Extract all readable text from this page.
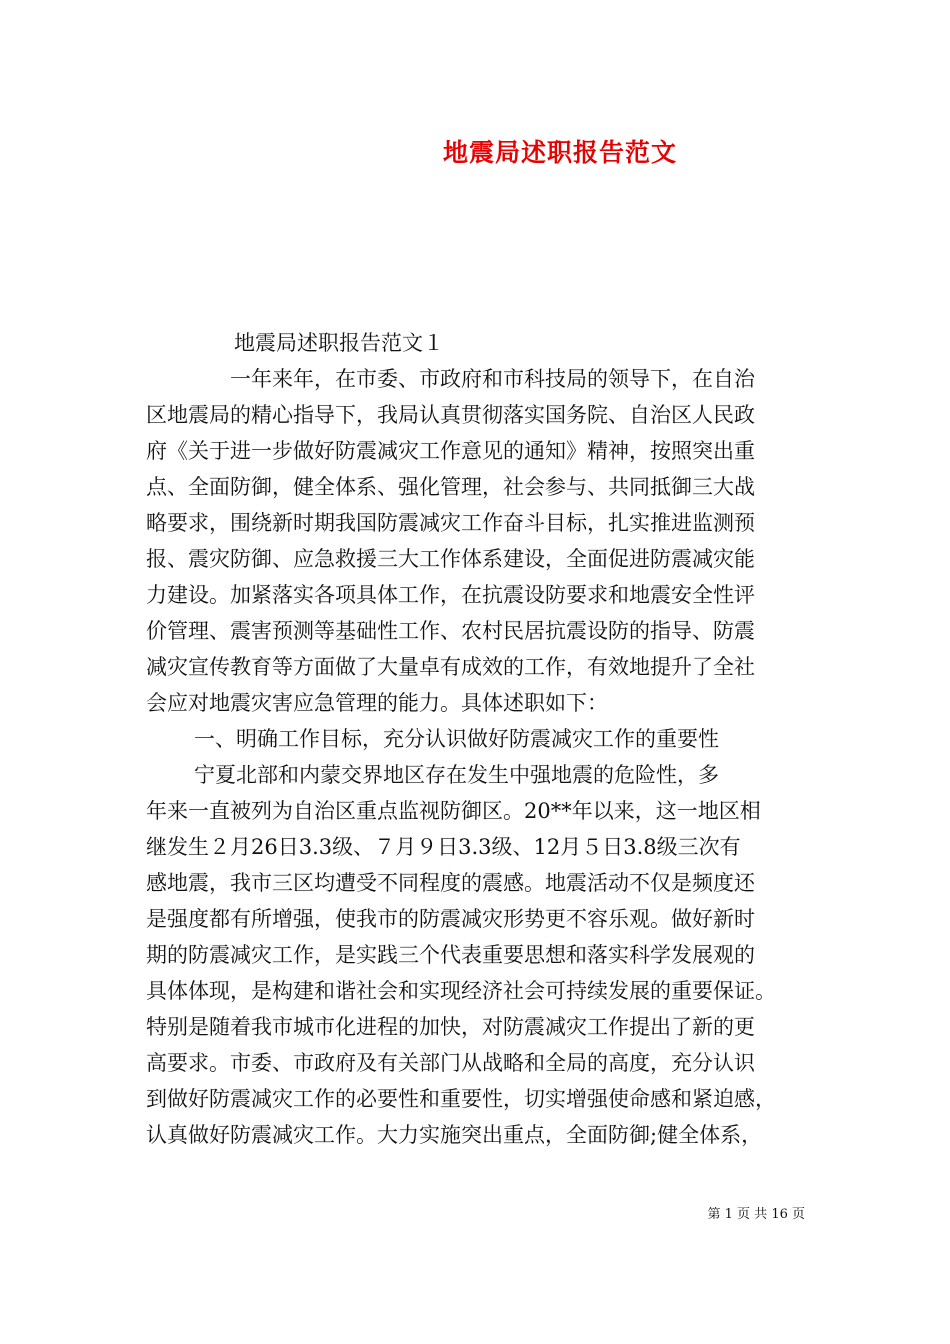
地震局述职报告范文
地震局述职报告范文１
　　　　一年来年，在市委、市政府和市科技局的领导下，在自治
区地震局的精心指导下，我局认真贯彻落实国务院、自治区人民政
府《关于进一步做好防震减灾工作意见的通知》精神，按照突出重
点、全面防御，健全体系、强化管理，社会参与、共同抵御三大战
略要求，围绕新时期我国防震减灾工作奋斗目标，扎实推进监测预
报、震灾防御、应急救援三大工作体系建设，全面促进防震减灾能
力建设。加紧落实各项具体工作，在抗震设防要求和地震安全性评
价管理、震害预测等基础性工作、农村民居抗震设防的指导、防震
减灾宣传教育等方面做了大量卓有成效的工作，有效地提升了全社
会应对地震灾害应急管理的能力。具体述职如下：
一、明确工作目标，充分认识做好防震减灾工作的重要性
宁夏北部和内蒙交界地区存在发生中强地震的危险性，多
年来一直被列为自治区重点监视防御区。20**年以来，这一地区相
继发生２月26日3.3级、７月９日3.3级、12月５日3.8级三次有
感地震，我市三区均遭受不同程度的震感。地震活动不仅是频度还
是强度都有所增强，使我市的防震减灾形势更不容乐观。做好新时
期的防震减灾工作，是实践三个代表重要思想和落实科学发展观的
具体体现，是构建和谐社会和实现经济社会可持续发展的重要保证。
特别是随着我市城市化进程的加快，对防震减灾工作提出了新的更
高要求。市委、市政府及有关部门从战略和全局的高度，充分认识
到做好防震减灾工作的必要性和重要性，切实增强使命感和紧迫感，
认真做好防震减灾工作。大力实施突出重点，全面防御;健全体系，
第 1 页 共 16 页
